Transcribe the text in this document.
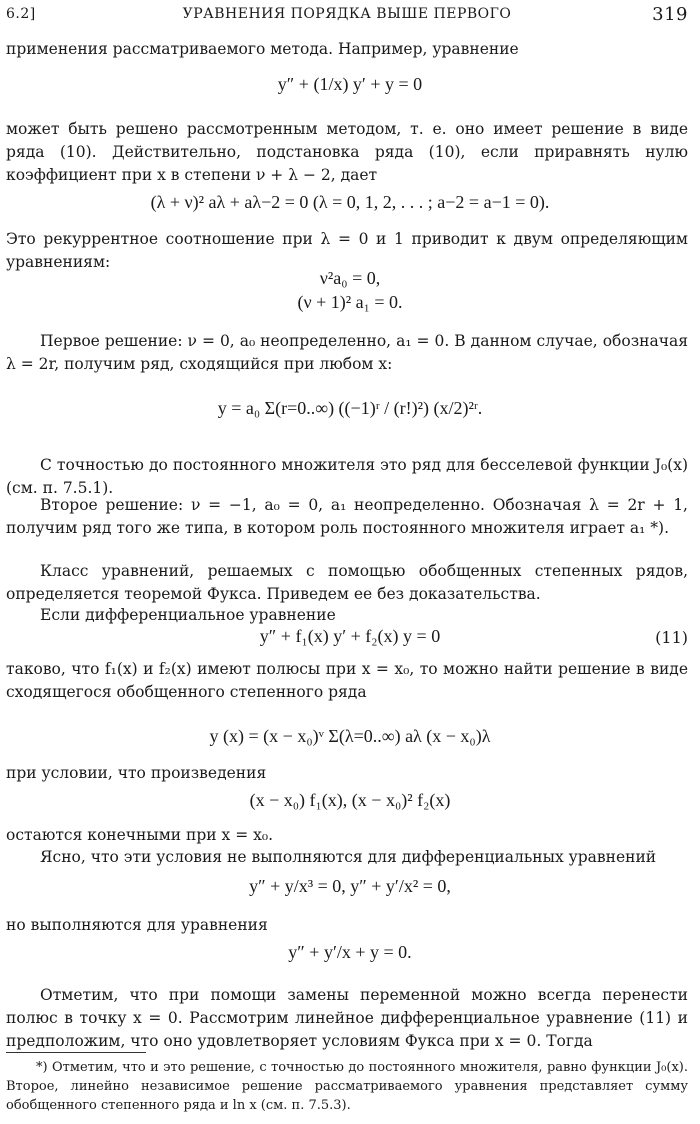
6.2]	УРАВНЕНИЯ ПОРЯДКА ВЫШЕ ПЕРВОГО	319
применения рассматриваемого метода. Например, уравнение
y″ + (1/x) y′ + y = 0
может быть решено рассмотренным методом, т. е. оно имеет решение в виде ряда (10). Действительно, подстановка ряда (10), если приравнять нулю коэффициент при x в степени ν + λ − 2, дает
(λ + ν)² aλ + aλ−2 = 0 (λ = 0, 1, 2, . . . ; a−2 = a−1 = 0).
Это рекуррентное соотношение при λ = 0 и 1 приводит к двум определяющим уравнениям:
ν²a₀ = 0,
(ν + 1)² a₁ = 0.
Первое решение: ν = 0, a₀ неопределенно, a₁ = 0. В данном случае, обозначая λ = 2r, получим ряд, сходящийся при любом x:
y = a₀ Σ(r=0..∞) ((−1)ʳ / (r!)²) (x/2)²ʳ.
С точностью до постоянного множителя это ряд для бесселевой функции J₀(x) (см. п. 7.5.1).
Второе решение: ν = −1, a₀ = 0, a₁ неопределенно. Обозначая λ = 2r + 1, получим ряд того же типа, в котором роль постоянного множителя играет a₁ *).
Класс уравнений, решаемых с помощью обобщенных степенных рядов, определяется теоремой Фукса. Приведем ее без доказательства.
Если дифференциальное уравнение
y″ + f₁(x) y′ + f₂(x) y = 0	(11)
таково, что f₁(x) и f₂(x) имеют полюсы при x = x₀, то можно найти решение в виде сходящегося обобщенного степенного ряда
y (x) = (x − x₀)ᵛ Σ(λ=0..∞) aλ (x − x₀)λ
при условии, что произведения
(x − x₀) f₁(x), (x − x₀)² f₂(x)
остаются конечными при x = x₀.
Ясно, что эти условия не выполняются для дифференциальных уравнений
y″ + y/x³ = 0, y″ + y′/x² = 0,
но выполняются для уравнения
y″ + y′/x + y = 0.
Отметим, что при помощи замены переменной можно всегда перенести полюс в точку x = 0. Рассмотрим линейное дифференциальное уравнение (11) и предположим, что оно удовлетворяет условиям Фукса при x = 0. Тогда
*) Отметим, что и это решение, с точностью до постоянного множителя, равно функции J₀(x). Второе, линейно независимое решение рассматриваемого уравнения представляет сумму обобщенного степенного ряда и ln x (см. п. 7.5.3).
